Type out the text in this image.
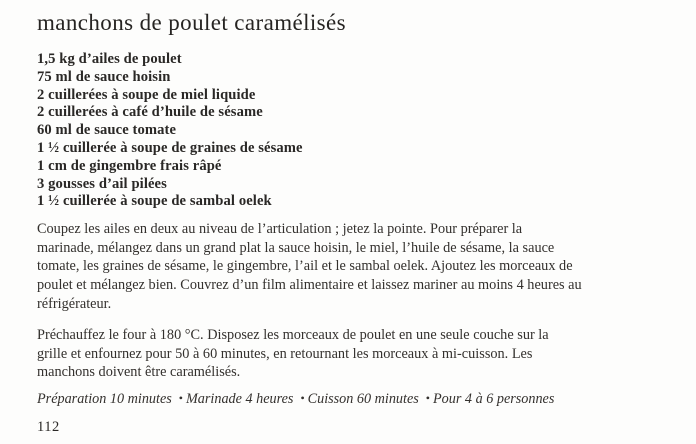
manchons de poulet caramélisés
1,5 kg d’ailes de poulet
75 ml de sauce hoisin
2 cuillerées à soupe de miel liquide
2 cuillerées à café d’huile de sésame
60 ml de sauce tomate
1 ½ cuillerée à soupe de graines de sésame
1 cm de gingembre frais râpé
3 gousses d’ail pilées
1 ½ cuillerée à soupe de sambal oelek

Coupez les ailes en deux au niveau de l’articulation ; jetez la pointe. Pour préparer la marinade, mélangez dans un grand plat la sauce hoisin, le miel, l’huile de sésame, la sauce tomate, les graines de sésame, le gingembre, l’ail et le sambal oelek. Ajoutez les morceaux de poulet et mélangez bien. Couvrez d’un film alimentaire et laissez mariner au moins 4 heures au réfrigérateur.

Préchauffez le four à 180 °C. Disposez les morceaux de poulet en une seule couche sur la grille et enfournez pour 50 à 60 minutes, en retournant les morceaux à mi-cuisson. Les manchons doivent être caramélisés.

Préparation 10 minutes • Marinade 4 heures • Cuisson 60 minutes • Pour 4 à 6 personnes
112
